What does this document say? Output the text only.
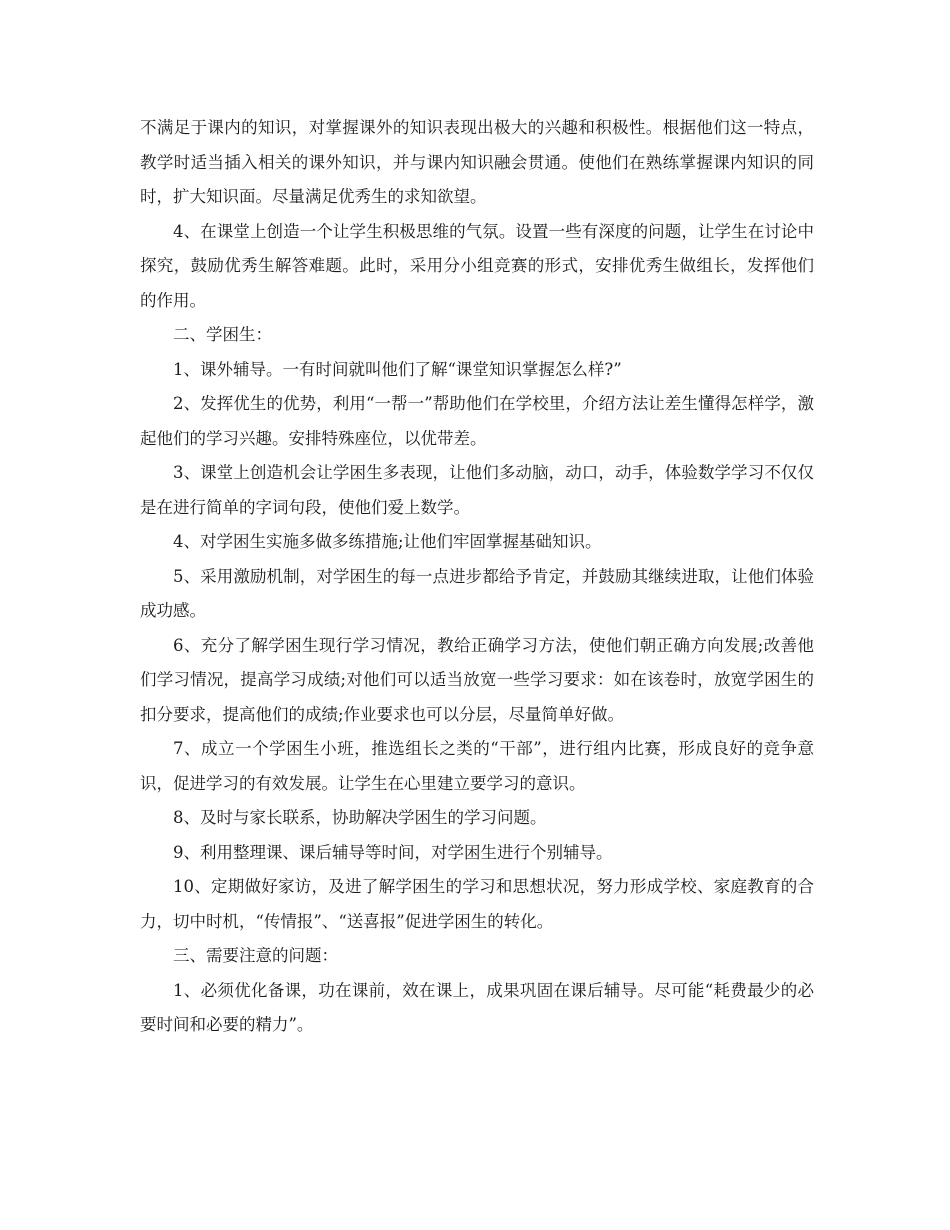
不满足于课内的知识，对掌握课外的知识表现出极大的兴趣和积极性。根据他们这一特点，教学时适当插入相关的课外知识，并与课内知识融会贯通。使他们在熟练掌握课内知识的同时，扩大知识面。尽量满足优秀生的求知欲望。

4、在课堂上创造一个让学生积极思维的气氛。设置一些有深度的问题，让学生在讨论中探究，鼓励优秀生解答难题。此时，采用分小组竞赛的形式，安排优秀生做组长，发挥他们的作用。

二、学困生：

1、课外辅导。一有时间就叫他们了解“课堂知识掌握怎么样?”

2、发挥优生的优势，利用“一帮一”帮助他们在学校里，介绍方法让差生懂得怎样学，激起他们的学习兴趣。安排特殊座位，以优带差。

3、课堂上创造机会让学困生多表现，让他们多动脑，动口，动手，体验数学学习不仅仅是在进行简单的字词句段，使他们爱上数学。

4、对学困生实施多做多练措施;让他们牢固掌握基础知识。

5、采用激励机制，对学困生的每一点进步都给予肯定，并鼓励其继续进取，让他们体验成功感。

6、充分了解学困生现行学习情况，教给正确学习方法，使他们朝正确方向发展;改善他们学习情况，提高学习成绩;对他们可以适当放宽一些学习要求：如在该卷时，放宽学困生的扣分要求，提高他们的成绩;作业要求也可以分层，尽量简单好做。

7、成立一个学困生小班，推选组长之类的“干部”，进行组内比赛，形成良好的竞争意识，促进学习的有效发展。让学生在心里建立要学习的意识。

8、及时与家长联系，协助解决学困生的学习问题。

9、利用整理课、课后辅导等时间，对学困生进行个别辅导。

10、定期做好家访，及进了解学困生的学习和思想状况，努力形成学校、家庭教育的合力，切中时机，“传情报”、“送喜报”促进学困生的转化。

三、需要注意的问题：

1、必须优化备课，功在课前，效在课上，成果巩固在课后辅导。尽可能“耗费最少的必要时间和必要的精力”。
